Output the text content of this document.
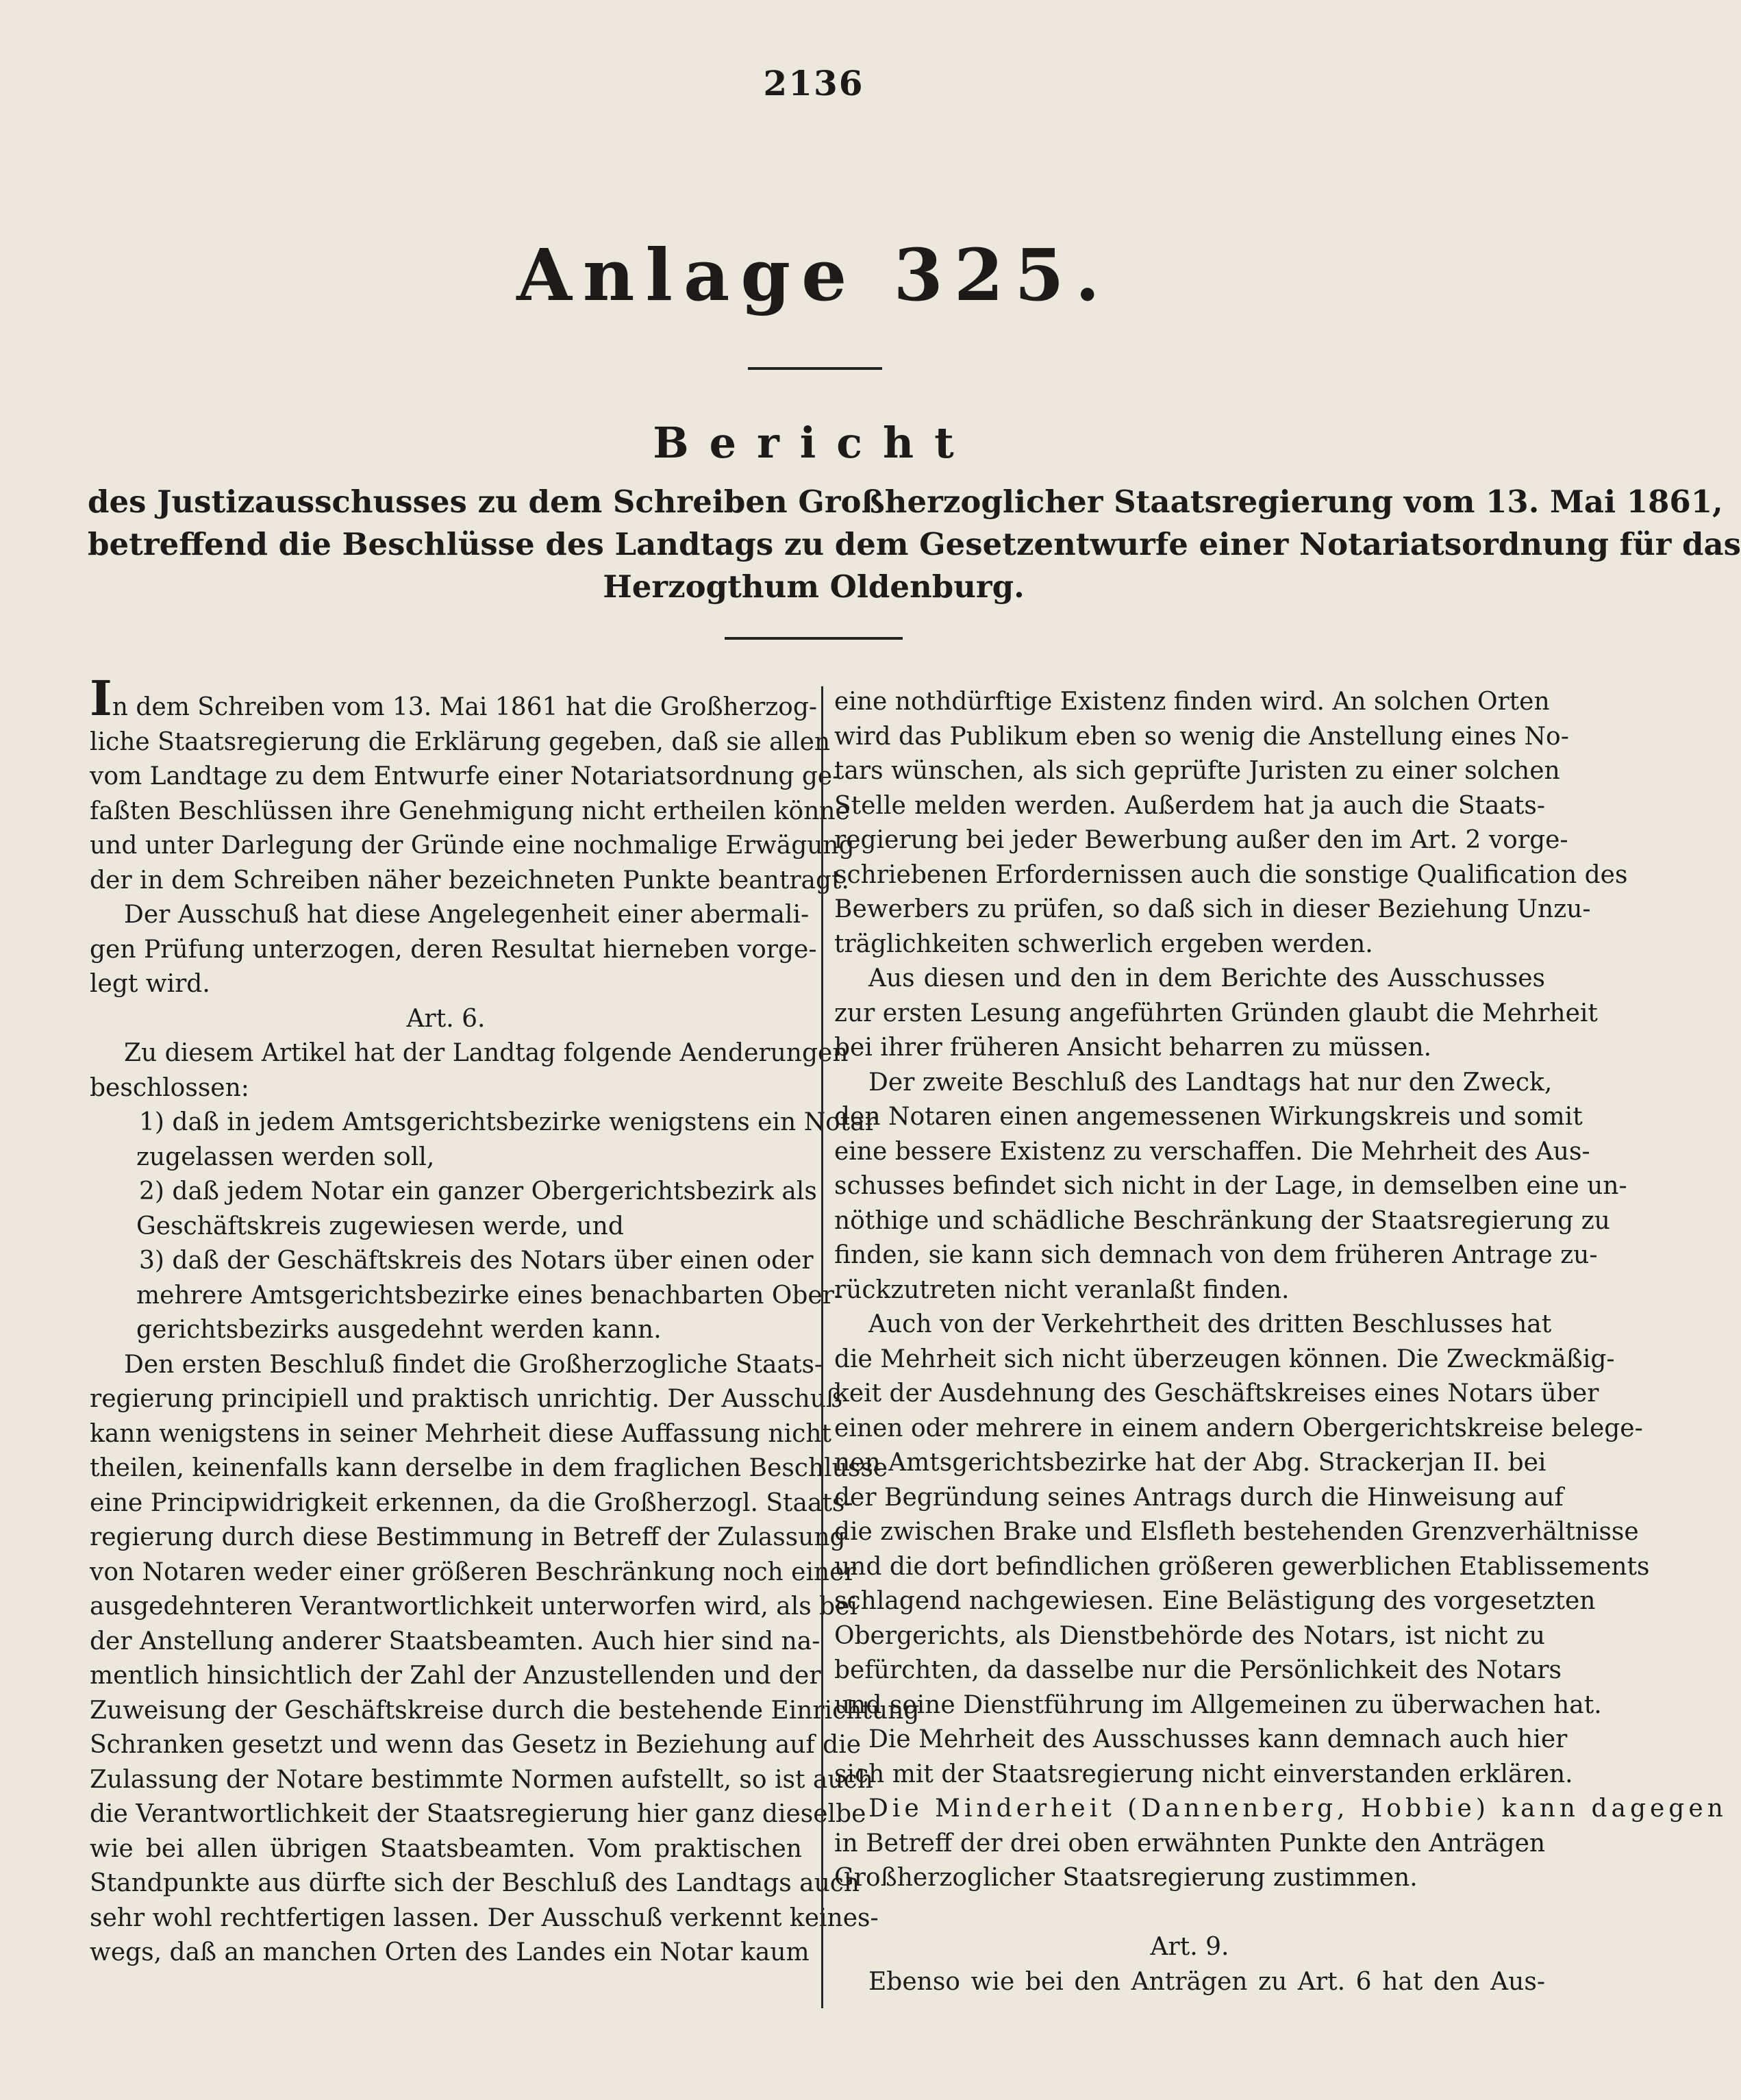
2136
Anlage 325.
Bericht
des Justizausschusses zu dem Schreiben Großherzoglicher Staatsregierung vom 13. Mai 1861,
betreffend die Beschlüsse des Landtags zu dem Gesetzentwurfe einer Notariatsordnung für das
Herzogthum Oldenburg.
In dem Schreiben vom 13. Mai 1861 hat die Großherzog-
liche Staatsregierung die Erklärung gegeben, daß sie allen
vom Landtage zu dem Entwurfe einer Notariatsordnung ge-
faßten Beschlüssen ihre Genehmigung nicht ertheilen könne
und unter Darlegung der Gründe eine nochmalige Erwägung
der in dem Schreiben näher bezeichneten Punkte beantragt.
Der Ausschuß hat diese Angelegenheit einer abermali-
gen Prüfung unterzogen, deren Resultat hierneben vorge-
legt wird.
Art. 6.
Zu diesem Artikel hat der Landtag folgende Aenderungen
beschlossen:
1) daß in jedem Amtsgerichtsbezirke wenigstens ein Notar
zugelassen werden soll,
2) daß jedem Notar ein ganzer Obergerichtsbezirk als
Geschäftskreis zugewiesen werde, und
3) daß der Geschäftskreis des Notars über einen oder
mehrere Amtsgerichtsbezirke eines benachbarten Ober-
gerichtsbezirks ausgedehnt werden kann.
Den ersten Beschluß findet die Großherzogliche Staats-
regierung principiell und praktisch unrichtig. Der Ausschuß
kann wenigstens in seiner Mehrheit diese Auffassung nicht
theilen, keinenfalls kann derselbe in dem fraglichen Beschlusse
eine Principwidrigkeit erkennen, da die Großherzogl. Staats-
regierung durch diese Bestimmung in Betreff der Zulassung
von Notaren weder einer größeren Beschränkung noch einer
ausgedehnteren Verantwortlichkeit unterworfen wird, als bei
der Anstellung anderer Staatsbeamten. Auch hier sind na-
mentlich hinsichtlich der Zahl der Anzustellenden und der
Zuweisung der Geschäftskreise durch die bestehende Einrichtung
Schranken gesetzt und wenn das Gesetz in Beziehung auf die
Zulassung der Notare bestimmte Normen aufstellt, so ist auch
die Verantwortlichkeit der Staatsregierung hier ganz dieselbe
wie bei allen übrigen Staatsbeamten. Vom praktischen
Standpunkte aus dürfte sich der Beschluß des Landtags auch
sehr wohl rechtfertigen lassen. Der Ausschuß verkennt keines-
wegs, daß an manchen Orten des Landes ein Notar kaum
eine nothdürftige Existenz finden wird. An solchen Orten
wird das Publikum eben so wenig die Anstellung eines No-
tars wünschen, als sich geprüfte Juristen zu einer solchen
Stelle melden werden. Außerdem hat ja auch die Staats-
regierung bei jeder Bewerbung außer den im Art. 2 vorge-
schriebenen Erfordernissen auch die sonstige Qualification des
Bewerbers zu prüfen, so daß sich in dieser Beziehung Unzu-
träglichkeiten schwerlich ergeben werden.
Aus diesen und den in dem Berichte des Ausschusses
zur ersten Lesung angeführten Gründen glaubt die Mehrheit
bei ihrer früheren Ansicht beharren zu müssen.
Der zweite Beschluß des Landtags hat nur den Zweck,
den Notaren einen angemessenen Wirkungskreis und somit
eine bessere Existenz zu verschaffen. Die Mehrheit des Aus-
schusses befindet sich nicht in der Lage, in demselben eine un-
nöthige und schädliche Beschränkung der Staatsregierung zu
finden, sie kann sich demnach von dem früheren Antrage zu-
rückzutreten nicht veranlaßt finden.
Auch von der Verkehrtheit des dritten Beschlusses hat
die Mehrheit sich nicht überzeugen können. Die Zweckmäßig-
keit der Ausdehnung des Geschäftskreises eines Notars über
einen oder mehrere in einem andern Obergerichtskreise belege-
nen Amtsgerichtsbezirke hat der Abg. Strackerjan II. bei
der Begründung seines Antrags durch die Hinweisung auf
die zwischen Brake und Elsfleth bestehenden Grenzverhältnisse
und die dort befindlichen größeren gewerblichen Etablissements
schlagend nachgewiesen. Eine Belästigung des vorgesetzten
Obergerichts, als Dienstbehörde des Notars, ist nicht zu
befürchten, da dasselbe nur die Persönlichkeit des Notars
und seine Dienstführung im Allgemeinen zu überwachen hat.
Die Mehrheit des Ausschusses kann demnach auch hier
sich mit der Staatsregierung nicht einverstanden erklären.
Die Minderheit (Dannenberg, Hobbie) kann dagegen
in Betreff der drei oben erwähnten Punkte den Anträgen
Großherzoglicher Staatsregierung zustimmen.

Art. 9.
Ebenso wie bei den Anträgen zu Art. 6 hat den Aus-
